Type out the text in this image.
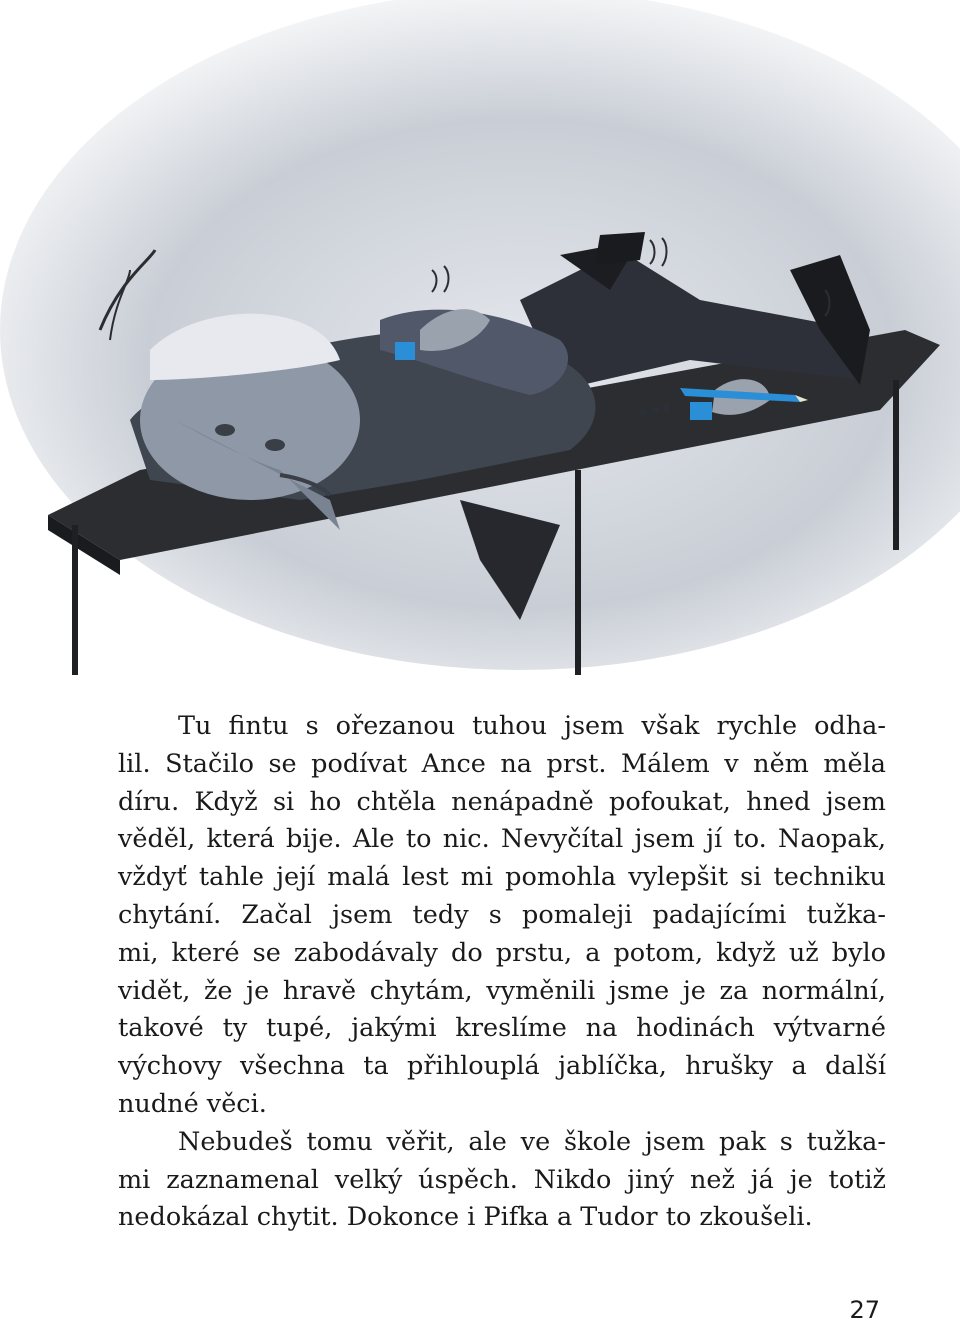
Tu fintu s ořezanou tuhou jsem však rychle odha-
lil. Stačilo se podívat Ance na prst. Málem v něm měla
díru. Když si ho chtěla nenápadně pofoukat, hned jsem
věděl, která bije. Ale to nic. Nevyčítal jsem jí to. Naopak,
vždyť tahle její malá lest mi pomohla vylepšit si techniku
chytání. Začal jsem tedy s pomaleji padajícími tužka-
mi, které se zabodávaly do prstu, a potom, když už bylo
vidět, že je hravě chytám, vyměnili jsme je za normální,
takové ty tupé, jakými kreslíme na hodinách výtvarné
výchovy všechna ta přihlouplá jablíčka, hrušky a další
nudné věci.
Nebudeš tomu věřit, ale ve škole jsem pak s tužka-
mi zaznamenal velký úspěch. Nikdo jiný než já je totiž
nedokázal chytit. Dokonce i Pifka a Tudor to zkoušeli.
27
